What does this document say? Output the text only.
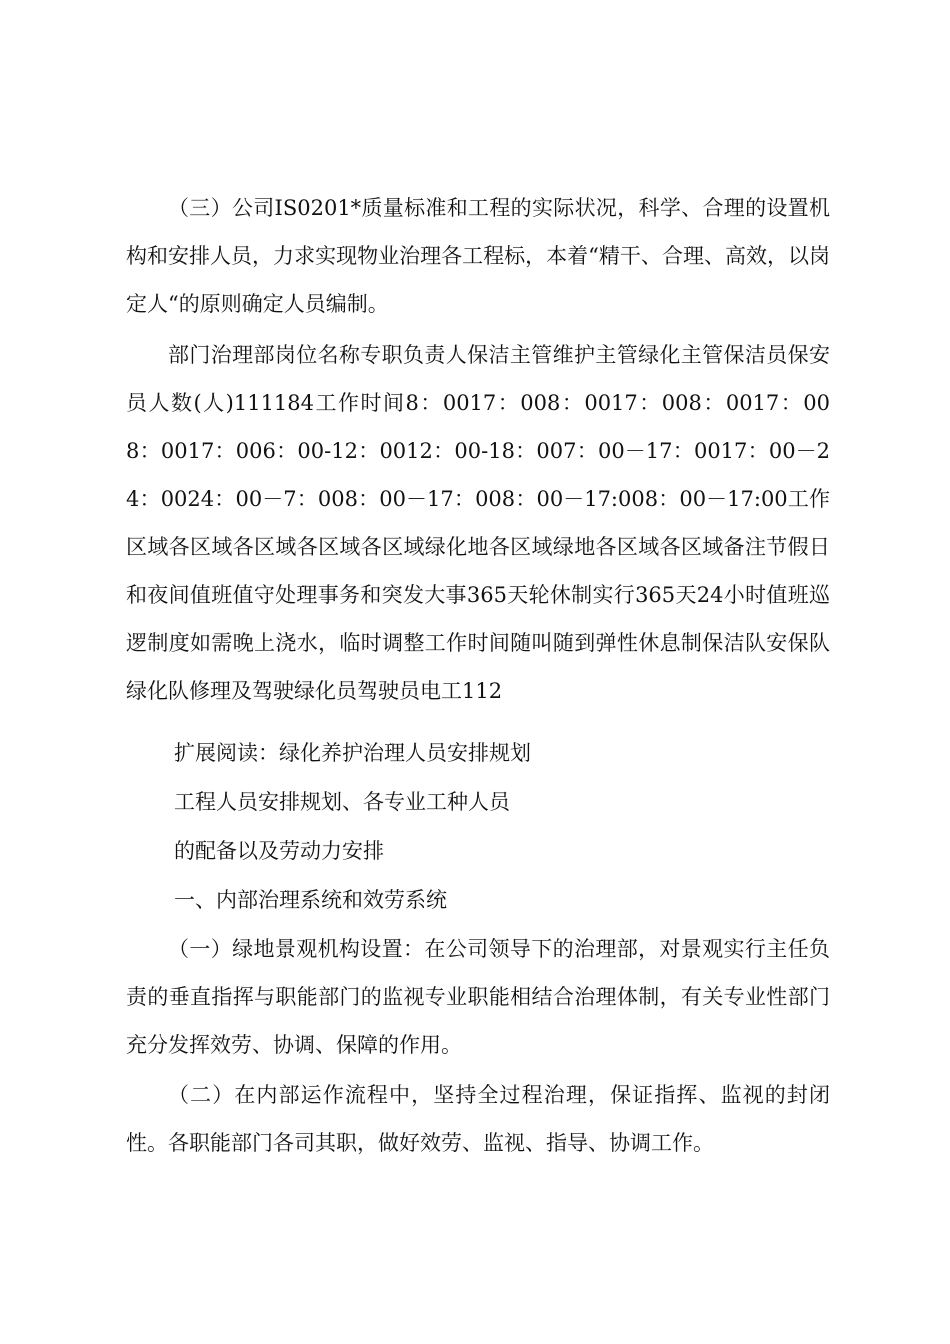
（三）公司IS0201*质量标准和工程的实际状况，科学、合理的设置机构和安排人员，力求实现物业治理各工程标，本着“精干、合理、高效，以岗定人“的原则确定人员编制。

部门治理部岗位名称专职负责人保洁主管维护主管绿化主管保洁员保安员人数(人)111184工作时间8：0017：008：0017：008：0017：008：0017：006：00-12：0012：00-18：007：00－17：0017：00－24：0024：00－7：008：00－17：008：00－17:008：00－17:00工作区域各区域各区域各区域各区域绿化地各区域绿地各区域各区域备注节假日和夜间值班值守处理事务和突发大事365天轮休制实行365天24小时值班巡逻制度如需晚上浇水，临时调整工作时间随叫随到弹性休息制保洁队安保队绿化队修理及驾驶绿化员驾驶员电工112

扩展阅读：绿化养护治理人员安排规划

工程人员安排规划、各专业工种人员

的配备以及劳动力安排

一、内部治理系统和效劳系统

（一）绿地景观机构设置：在公司领导下的治理部，对景观实行主任负责的垂直指挥与职能部门的监视专业职能相结合治理体制，有关专业性部门充分发挥效劳、协调、保障的作用。

（二）在内部运作流程中，坚持全过程治理，保证指挥、监视的封闭性。各职能部门各司其职，做好效劳、监视、指导、协调工作。
